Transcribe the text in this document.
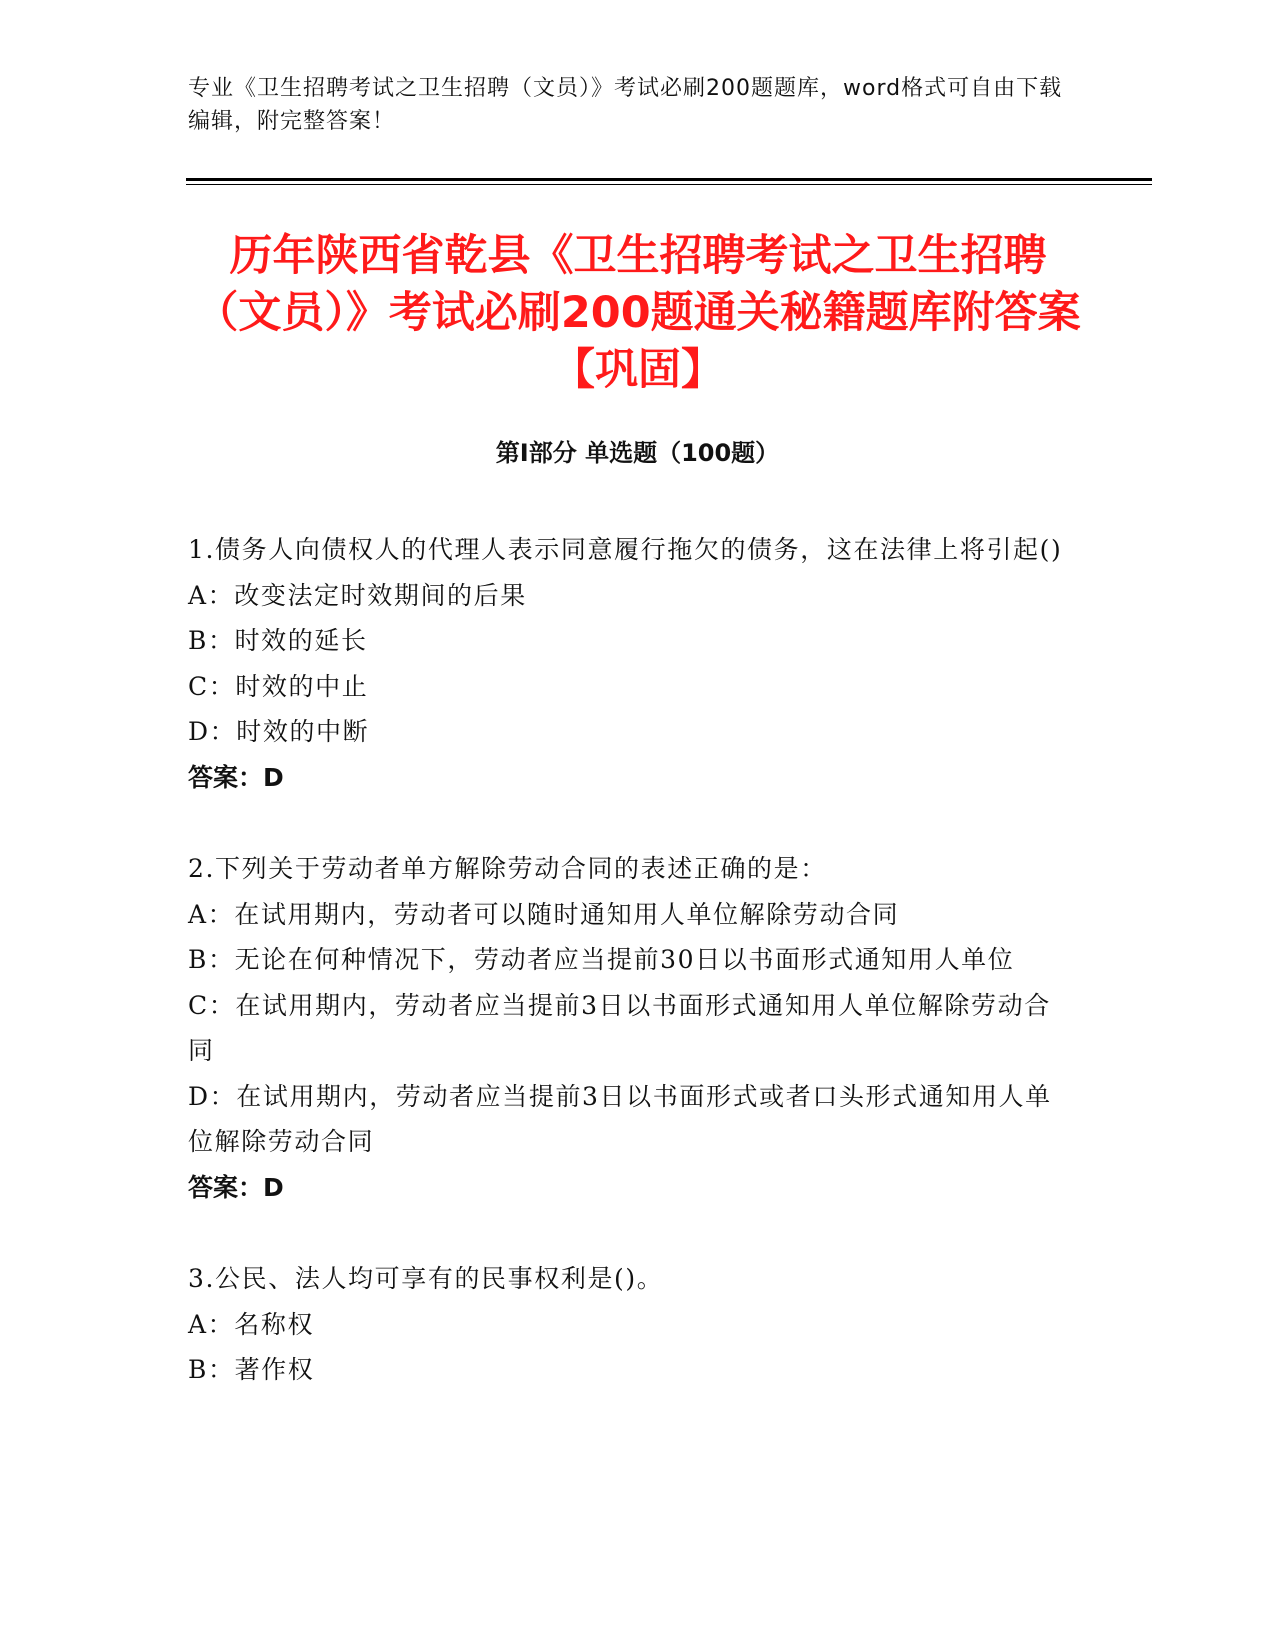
专业《卫生招聘考试之卫生招聘（文员）》考试必刷200题题库，word格式可自由下载编辑，附完整答案！
历年陕西省乾县《卫生招聘考试之卫生招聘（文员）》考试必刷200题通关秘籍题库附答案【巩固】
第Ⅰ部分 单选题（100题）
1.债务人向债权人的代理人表示同意履行拖欠的债务，这在法律上将引起()
A：改变法定时效期间的后果
B：时效的延长
C：时效的中止
D：时效的中断
答案：D
2.下列关于劳动者单方解除劳动合同的表述正确的是：
A：在试用期内，劳动者可以随时通知用人单位解除劳动合同
B：无论在何种情况下，劳动者应当提前30日以书面形式通知用人单位
C：在试用期内，劳动者应当提前3日以书面形式通知用人单位解除劳动合同
D：在试用期内，劳动者应当提前3日以书面形式或者口头形式通知用人单位解除劳动合同
答案：D
3.公民、法人均可享有的民事权利是()。
A：名称权
B：著作权
